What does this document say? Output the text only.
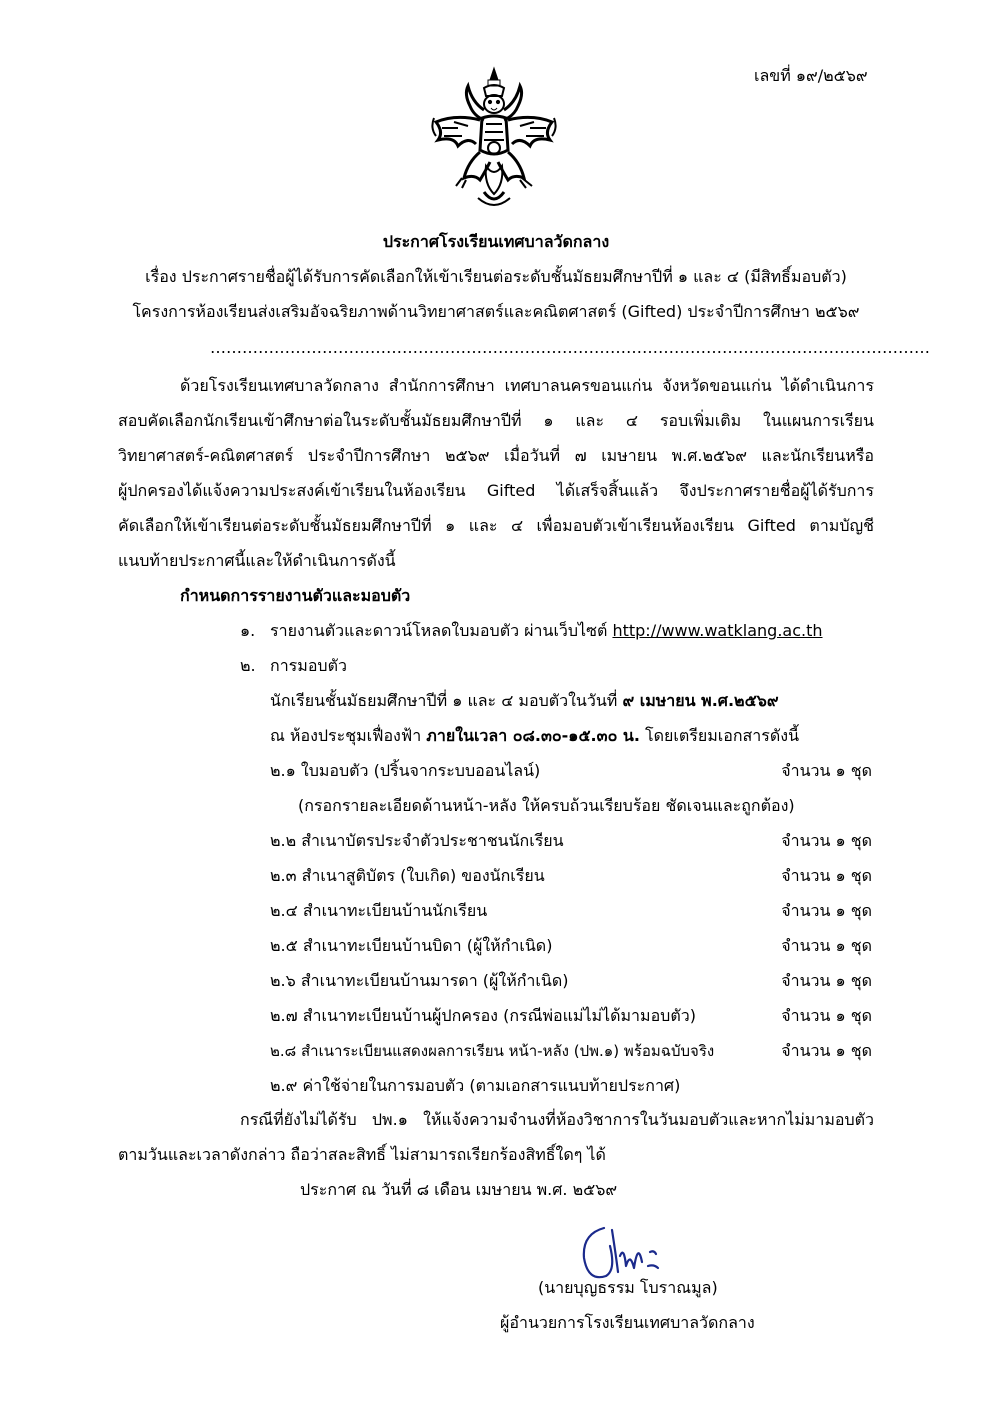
เลขที่ ๑๙/๒๕๖๙
ประกาศโรงเรียนเทศบาลวัดกลาง
เรื่อง ประกาศรายชื่อผู้ได้รับการคัดเลือกให้เข้าเรียนต่อระดับชั้นมัธยมศึกษาปีที่ ๑ และ ๔ (มีสิทธิ์มอบตัว)
โครงการห้องเรียนส่งเสริมอัจฉริยภาพด้านวิทยาศาสตร์และคณิตศาสตร์ (Gifted) ประจำปีการศึกษา ๒๕๖๙
………………………………………………………………………………………………………………………
ด้วยโรงเรียนเทศบาลวัดกลาง สำนักการศึกษา เทศบาลนครขอนแก่น จังหวัดขอนแก่น ได้ดำเนินการ
สอบคัดเลือกนักเรียนเข้าศึกษาต่อในระดับชั้นมัธยมศึกษาปีที่ ๑ และ ๔ รอบเพิ่มเติม ในแผนการเรียน
วิทยาศาสตร์-คณิตศาสตร์ ประจำปีการศึกษา ๒๕๖๙ เมื่อวันที่ ๗ เมษายน พ.ศ.๒๕๖๙ และนักเรียนหรือ
ผู้ปกครองได้แจ้งความประสงค์เข้าเรียนในห้องเรียน Gifted ได้เสร็จสิ้นแล้ว จึงประกาศรายชื่อผู้ได้รับการ
คัดเลือกให้เข้าเรียนต่อระดับชั้นมัธยมศึกษาปีที่ ๑ และ ๔ เพื่อมอบตัวเข้าเรียนห้องเรียน Gifted ตามบัญชี
แนบท้ายประกาศนี้และให้ดำเนินการดังนี้
กำหนดการรายงานตัวและมอบตัว
๑. รายงานตัวและดาวน์โหลดใบมอบตัว ผ่านเว็บไซต์ http://www.watklang.ac.th
๒. การมอบตัว
นักเรียนชั้นมัธยมศึกษาปีที่ ๑ และ ๔ มอบตัวในวันที่ ๙ เมษายน พ.ศ.๒๕๖๙
ณ ห้องประชุมเฟื่องฟ้า ภายในเวลา ๐๘.๓๐-๑๕.๓๐ น. โดยเตรียมเอกสารดังนี้
๒.๑ ใบมอบตัว (ปริ้นจากระบบออนไลน์)	จำนวน ๑ ชุด
(กรอกรายละเอียดด้านหน้า-หลัง ให้ครบถ้วนเรียบร้อย ชัดเจนและถูกต้อง)
๒.๒ สำเนาบัตรประจำตัวประชาชนนักเรียน	จำนวน ๑ ชุด
๒.๓ สำเนาสูติบัตร (ใบเกิด) ของนักเรียน	จำนวน ๑ ชุด
๒.๔ สำเนาทะเบียนบ้านนักเรียน	จำนวน ๑ ชุด
๒.๕ สำเนาทะเบียนบ้านบิดา (ผู้ให้กำเนิด)	จำนวน ๑ ชุด
๒.๖ สำเนาทะเบียนบ้านมารดา (ผู้ให้กำเนิด)	จำนวน ๑ ชุด
๒.๗ สำเนาทะเบียนบ้านผู้ปกครอง (กรณีพ่อแม่ไม่ได้มามอบตัว)	จำนวน ๑ ชุด
๒.๘ สำเนาระเบียนแสดงผลการเรียน หน้า-หลัง (ปพ.๑) พร้อมฉบับจริง	จำนวน ๑ ชุด
๒.๙ ค่าใช้จ่ายในการมอบตัว (ตามเอกสารแนบท้ายประกาศ)
กรณีที่ยังไม่ได้รับ ปพ.๑ ให้แจ้งความจำนงที่ห้องวิชาการในวันมอบตัวและหากไม่มามอบตัว
ตามวันและเวลาดังกล่าว ถือว่าสละสิทธิ์ ไม่สามารถเรียกร้องสิทธิ์ใดๆ ได้
ประกาศ ณ วันที่ ๘ เดือน เมษายน พ.ศ. ๒๕๖๙
(นายบุญธรรม โบราณมูล)
ผู้อำนวยการโรงเรียนเทศบาลวัดกลาง
